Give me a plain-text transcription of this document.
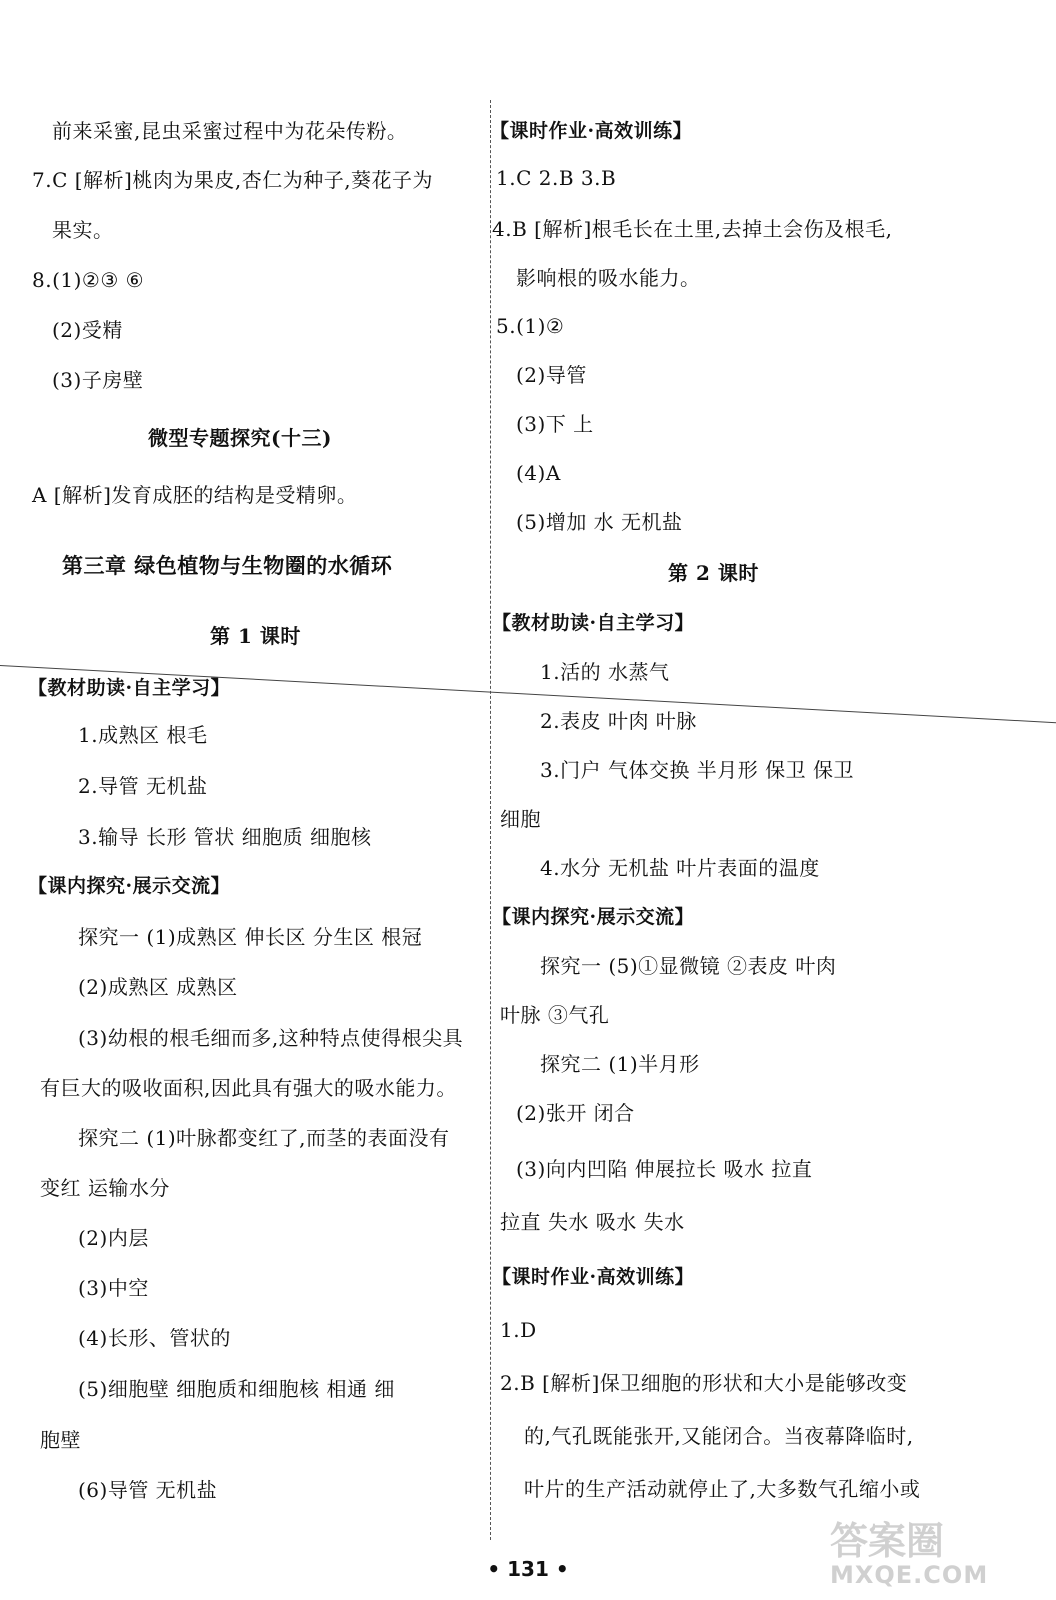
前来采蜜,昆虫采蜜过程中为花朵传粉。
7.C [解析]桃肉为果皮,杏仁为种子,葵花子为
果实。
8.(1)②③ ⑥
(2)受精
(3)子房壁
微型专题探究(十三)
A [解析]发育成胚的结构是受精卵。
第三章 绿色植物与生物圈的水循环
第 1 课时
【教材助读·自主学习】
1.成熟区 根毛
2.导管 无机盐
3.输导 长形 管状 细胞质 细胞核
【课内探究·展示交流】
探究一 (1)成熟区 伸长区 分生区 根冠
(2)成熟区 成熟区
(3)幼根的根毛细而多,这种特点使得根尖具
有巨大的吸收面积,因此具有强大的吸水能力。
探究二 (1)叶脉都变红了,而茎的表面没有
变红 运输水分
(2)内层
(3)中空
(4)长形、管状的
(5)细胞壁 细胞质和细胞核 相通 细
胞壁
(6)导管 无机盐
【课时作业·高效训练】
1.C 2.B 3.B
4.B [解析]根毛长在土里,去掉土会伤及根毛,
影响根的吸水能力。
5.(1)②
(2)导管
(3)下 上
(4)A
(5)增加 水 无机盐
第 2 课时
【教材助读·自主学习】
1.活的 水蒸气
2.表皮 叶肉 叶脉
3.门户 气体交换 半月形 保卫 保卫
细胞
4.水分 无机盐 叶片表面的温度
【课内探究·展示交流】
探究一 (5)①显微镜 ②表皮 叶肉
叶脉 ③气孔
探究二 (1)半月形
(2)张开 闭合
(3)向内凹陷 伸展拉长 吸水 拉直
拉直 失水 吸水 失水
【课时作业·高效训练】
1.D
2.B [解析]保卫细胞的形状和大小是能够改变
的,气孔既能张开,又能闭合。当夜幕降临时,
叶片的生产活动就停止了,大多数气孔缩小或
• 131 •
答案圈
MXQE.COM
